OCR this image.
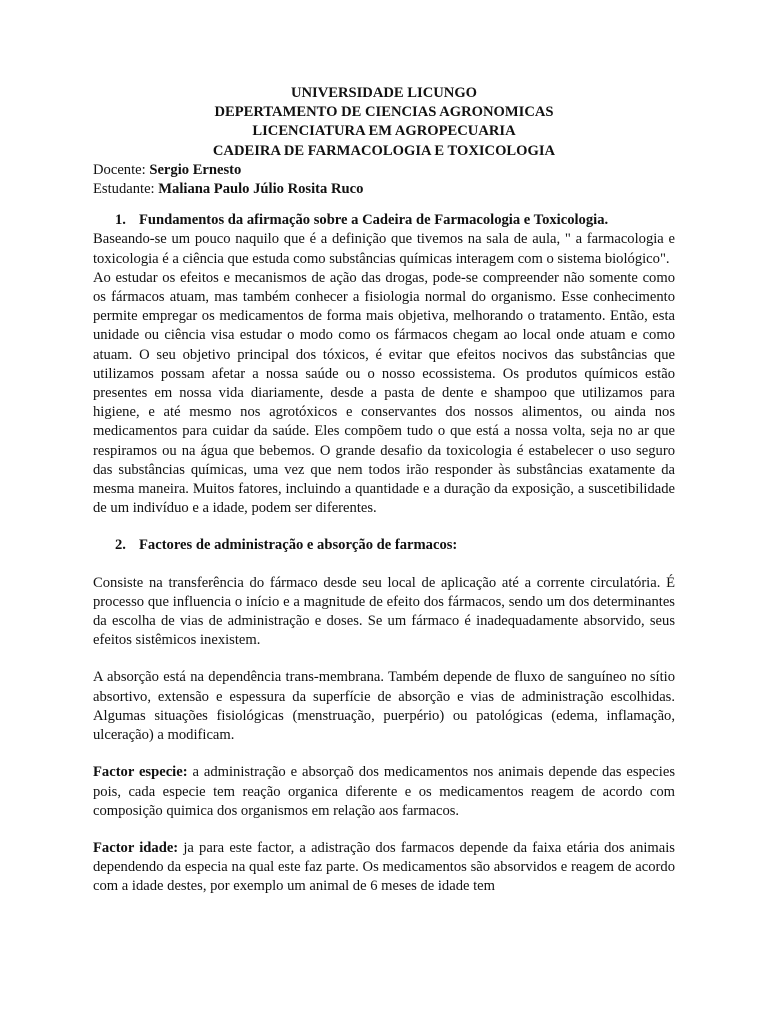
UNIVERSIDADE LICUNGO

DEPERTAMENTO DE CIENCIAS AGRONOMICAS

LICENCIATURA EM AGROPECUARIA

CADEIRA DE FARMACOLOGIA E TOXICOLOGIA

Docente: Sergio Ernesto

Estudante: Maliana Paulo Júlio Rosita Ruco

1. Fundamentos da afirmação sobre a Cadeira de Farmacologia e Toxicologia.

Baseando-se um pouco naquilo que é a definição que tivemos na sala de aula, " a farmacologia e toxicologia é a ciência que estuda como substâncias químicas interagem com o sistema biológico".

Ao estudar os efeitos e mecanismos de ação das drogas, pode-se compreender não somente como os fármacos atuam, mas também conhecer a fisiologia normal do organismo. Esse conhecimento permite empregar os medicamentos de forma mais objetiva, melhorando o tratamento. Então, esta unidade ou ciência visa estudar o modo como os fármacos chegam ao local onde atuam e como atuam. O seu objetivo principal dos tóxicos, é evitar que efeitos nocivos das substâncias que utilizamos possam afetar a nossa saúde ou o nosso ecossistema. Os produtos químicos estão presentes em nossa vida diariamente, desde a pasta de dente e shampoo que utilizamos para higiene, e até mesmo nos agrotóxicos e conservantes dos nossos alimentos, ou ainda nos medicamentos para cuidar da saúde. Eles compõem tudo o que está a nossa volta, seja no ar que respiramos ou na água que bebemos. O grande desafio da toxicologia é estabelecer o uso seguro das substâncias químicas, uma vez que nem todos irão responder às substâncias exatamente da mesma maneira. Muitos fatores, incluindo a quantidade e a duração da exposição, a suscetibilidade de um indivíduo e a idade, podem ser diferentes.

2. Factores de administração e absorção de farmacos:

Consiste na transferência do fármaco desde seu local de aplicação até a corrente circulatória. É processo que influencia o início e a magnitude de efeito dos fármacos, sendo um dos determinantes da escolha de vias de administração e doses. Se um fármaco é inadequadamente absorvido, seus efeitos sistêmicos inexistem.

A absorção está na dependência trans-membrana. Também depende de fluxo de sanguíneo no sítio absortivo, extensão e espessura da superfície de absorção e vias de administração escolhidas. Algumas situações fisiológicas (menstruação, puerpério) ou patológicas (edema, inflamação, ulceração) a modificam.

Factor especie: a administração e absorçaõ dos medicamentos nos animais depende das especies pois, cada especie tem reação organica diferente e os medicamentos reagem de acordo com composição quimica dos organismos em relação aos farmacos.

Factor idade: ja para este factor, a adistração dos farmacos depende da faixa etária dos animais dependendo da especia na qual este faz parte. Os medicamentos são absorvidos e reagem de acordo com a idade destes, por exemplo um animal de 6 meses de idade tem
